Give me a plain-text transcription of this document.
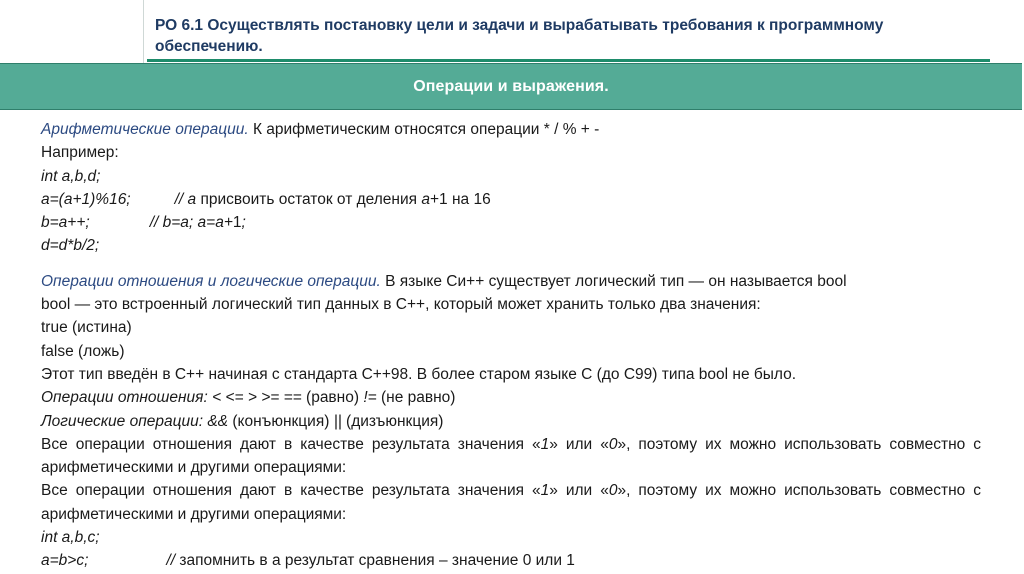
РО 6.1 Осуществлять постановку цели и задачи и вырабатывать требования к программному обеспечению.
Операции и выражения.

Арифметические операции. К арифметическим относятся операции * / % + -

Например:

int a,b,d;

a=(a+1)%16;	// a присвоить остаток от деления a+1 на 16

b=a++;	// b=a; a=a+1;

d=d*b/2;

Операции отношения и логические операции. В языке Си++ существует логический тип — он называется bool

bool — это встроенный логический тип данных в С++, который может хранить только два значения:

true (истина)

false (ложь)

Этот тип введён в C++ начиная с стандарта C++98. В более старом языке C (до C99) типа bool не было.

Операции отношения: < <= > >= == (равно) != (не равно)

Логические операции: && (конъюнкция) || (дизъюнкция)

Все операции отношения дают в качестве результата значения «1» или «0», поэтому их можно использовать совместно с арифметическими и другими операциями:

Все операции отношения дают в качестве результата значения «1» или «0», поэтому их можно использовать совместно с арифметическими и другими операциями:

int a,b,c;

a=b>c;	// запомнить в а результат сравнения – значение 0 или 1
